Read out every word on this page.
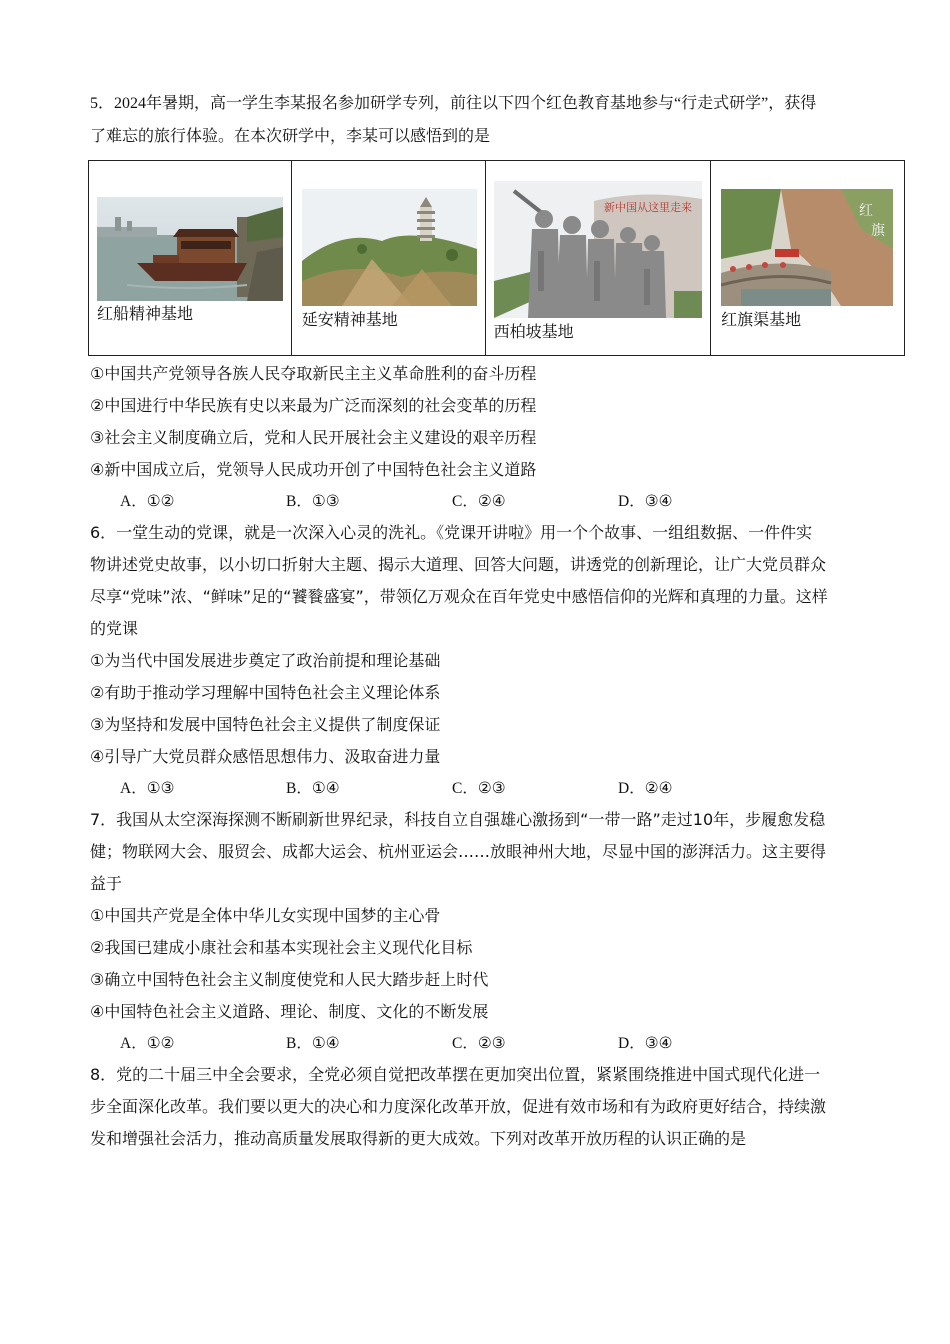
5．2024年暑期，高一学生李某报名参加研学专列，前往以下四个红色教育基地参与“行走式研学”，获得
了难忘的旅行体验。在本次研学中，李某可以感悟到的是
红船精神基地	延安精神基地

新中国从这里走来
西柏坡基地

红
旗
红旗渠基地
①中国共产党领导各族人民夺取新民主主义革命胜利的奋斗历程
②中国进行中华民族有史以来最为广泛而深刻的社会变革的历程
③社会主义制度确立后，党和人民开展社会主义建设的艰辛历程
④新中国成立后，党领导人民成功开创了中国特色社会主义道路
A．①②	B．①③	C．②④	D．③④
6．一堂生动的党课，就是一次深入心灵的洗礼。《党课开讲啦》用一个个故事、一组组数据、一件件实
物讲述党史故事，以小切口折射大主题、揭示大道理、回答大问题，讲透党的创新理论，让广大党员群众
尽享“党味”浓、“鲜味”足的“饕餮盛宴”，带领亿万观众在百年党史中感悟信仰的光辉和真理的力量。这样
的党课
①为当代中国发展进步奠定了政治前提和理论基础
②有助于推动学习理解中国特色社会主义理论体系
③为坚持和发展中国特色社会主义提供了制度保证
④引导广大党员群众感悟思想伟力、汲取奋进力量
A．①③	B．①④	C．②③	D．②④
7．我国从太空深海探测不断刷新世界纪录，科技自立自强雄心激扬到“一带一路”走过10年，步履愈发稳
健；物联网大会、服贸会、成都大运会、杭州亚运会……放眼神州大地，尽显中国的澎湃活力。这主要得
益于
①中国共产党是全体中华儿女实现中国梦的主心骨
②我国已建成小康社会和基本实现社会主义现代化目标
③确立中国特色社会主义制度使党和人民大踏步赶上时代
④中国特色社会主义道路、理论、制度、文化的不断发展
A．①②	B．①④	C．②③	D．③④
8．党的二十届三中全会要求，全党必须自觉把改革摆在更加突出位置，紧紧围绕推进中国式现代化进一
步全面深化改革。我们要以更大的决心和力度深化改革开放，促进有效市场和有为政府更好结合，持续激
发和增强社会活力，推动高质量发展取得新的更大成效。下列对改革开放历程的认识正确的是
